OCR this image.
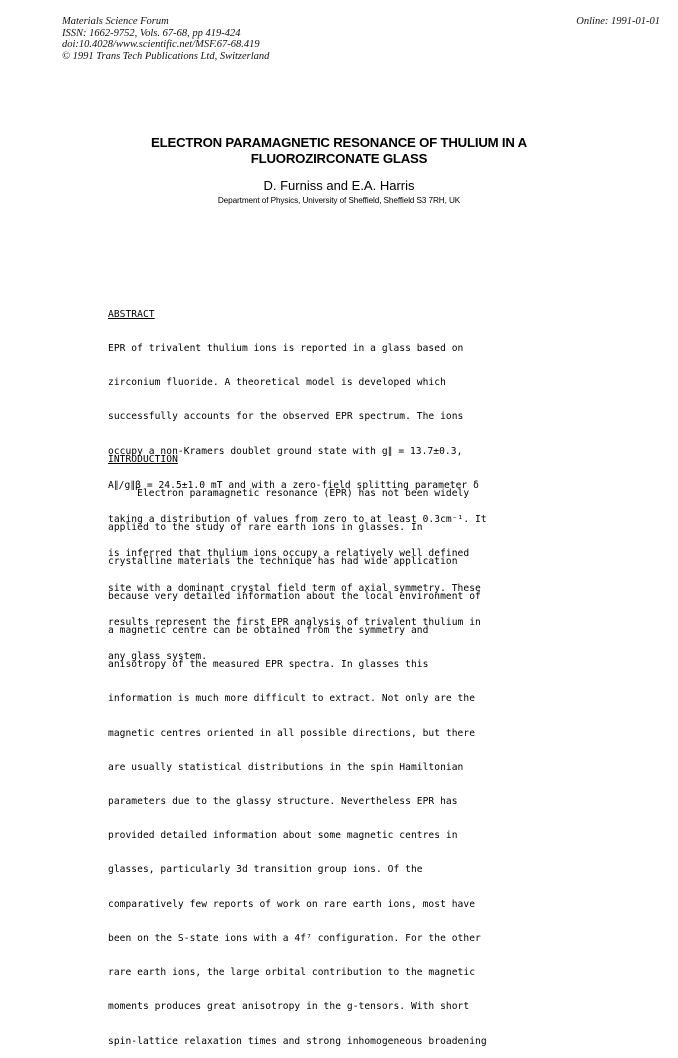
Materials Science Forum
ISSN: 1662-9752, Vols. 67-68, pp 419-424
doi:10.4028/www.scientific.net/MSF.67-68.419
© 1991 Trans Tech Publications Ltd, Switzerland
Online: 1991-01-01
ELECTRON PARAMAGNETIC RESONANCE OF THULIUM IN A
FLUOROZIRCONATE GLASS
D. Furniss and E.A. Harris
Department of Physics, University of Sheffield, Sheffield S3 7RH, UK

ABSTRACT

EPR of trivalent thulium ions is reported in a glass based on

zirconium fluoride. A theoretical model is developed which

successfully accounts for the observed EPR spectrum. The ions

occupy a non-Kramers doublet ground state with g∥ = 13.7±0.3,

A∥/g∥β = 24.5±1.0 mT and with a zero-field splitting parameter δ

taking a distribution of values from zero to at least 0.3cm⁻¹. It

is inferred that thulium ions occupy a relatively well defined

site with a dominant crystal field term of axial symmetry. These

results represent the first EPR analysis of trivalent thulium in

any glass system.

INTRODUCTION

Electron paramagnetic resonance (EPR) has not been widely

applied to the study of rare earth ions in glasses. In

crystalline materials the technique has had wide application

because very detailed information about the local environment of

a magnetic centre can be obtained from the symmetry and

anisotropy of the measured EPR spectra. In glasses this

information is much more difficult to extract. Not only are the

magnetic centres oriented in all possible directions, but there

are usually statistical distributions in the spin Hamiltonian

parameters due to the glassy structure. Nevertheless EPR has

provided detailed information about some magnetic centres in

glasses, particularly 3d transition group ions. Of the

comparatively few reports of work on rare earth ions, most have

been on the S-state ions with a 4f⁷ configuration. For the other

rare earth ions, the large orbital contribution to the magnetic

moments produces great anisotropy in the g-tensors. With short

spin-lattice relaxation times and strong inhomogeneous broadening
